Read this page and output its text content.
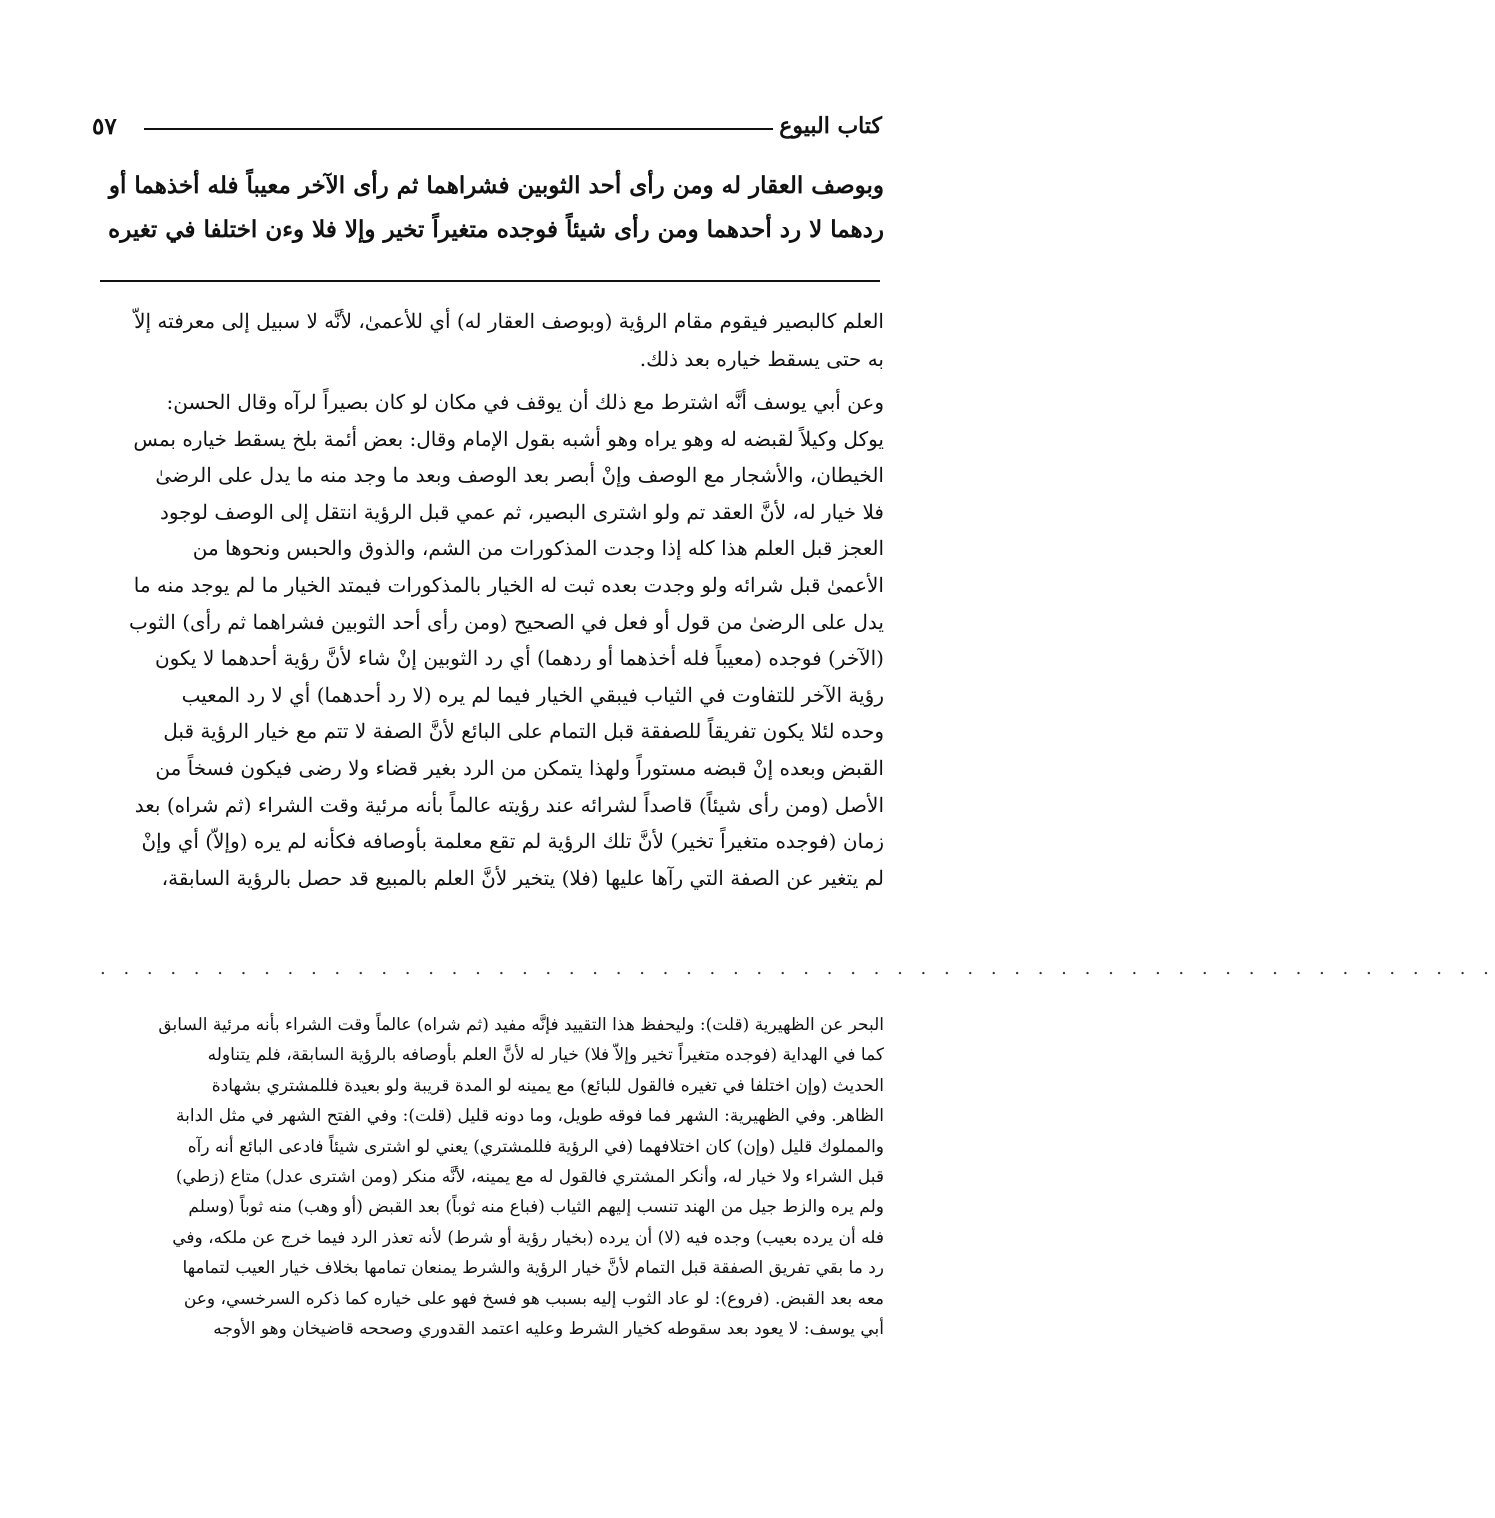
٥٧	كتاب البيوع
وبوصف العقار له ومن رأى أحد الثوبين فشراهما ثم رأى الآخر معيباً فله أخذهما أو
ردهما لا رد أحدهما ومن رأى شيئاً فوجده متغيراً تخير وإلا فلا وءن اختلفا في تغيره
العلم كالبصير فيقوم مقام الرؤية (وبوصف العقار له) أي للأعمىٰ، لأنَّه لا سبيل إلى معرفته إلاّ
به حتى يسقط خياره بعد ذلك.
وعن أبي يوسف أنَّه اشترط مع ذلك أن يوقف في مكان لو كان بصيراً لرآه وقال الحسن:
يوكل وكيلاً لقبضه له وهو يراه وهو أشبه بقول الإمام وقال: بعض أئمة بلخ يسقط خياره بمس
الخيطان، والأشجار مع الوصف وإنْ أبصر بعد الوصف وبعد ما وجد منه ما يدل على الرضىٰ
فلا خيار له، لأنَّ العقد تم ولو اشترى البصير، ثم عمي قبل الرؤية انتقل إلى الوصف لوجود
العجز قبل العلم هذا كله إذا وجدت المذكورات من الشم، والذوق والحبس ونحوها من
الأعمىٰ قبل شرائه ولو وجدت بعده ثبت له الخيار بالمذكورات فيمتد الخيار ما لم يوجد منه ما
يدل على الرضىٰ من قول أو فعل في الصحيح (ومن رأى أحد الثوبين فشراهما ثم رأى) الثوب
(الآخر) فوجده (معيباً فله أخذهما أو ردهما) أي رد الثوبين إنْ شاء لأنَّ رؤية أحدهما لا يكون
رؤية الآخر للتفاوت في الثياب فيبقي الخيار فيما لم يره (لا رد أحدهما) أي لا رد المعيب
وحده لئلا يكون تفريقاً للصفقة قبل التمام على البائع لأنَّ الصفة لا تتم مع خيار الرؤية قبل
القبض وبعده إنْ قبضه مستوراً ولهذا يتمكن من الرد بغير قضاء ولا رضى فيكون فسخاً من
الأصل (ومن رأى شيئاً) قاصداً لشرائه عند رؤيته عالماً بأنه مرئية وقت الشراء (ثم شراه) بعد
زمان (فوجده متغيراً تخير) لأنَّ تلك الرؤية لم تقع معلمة بأوصافه فكأنه لم يره (وإلاّ) أي وإنْ
لم يتغير عن الصفة التي رآها عليها (فلا) يتخير لأنَّ العلم بالمبيع قد حصل بالرؤية السابقة،
. . . . . . . . . . . . . . . . . . . . . . . . . . . . . . . . . . . . . . . . . . . . . . . . . . . . . . . . . . . .
البحر عن الظهيرية (قلت): وليحفظ هذا التقييد فإنَّه مفيد (ثم شراه) عالماً وقت الشراء بأنه مرئية السابق
كما في الهداية (فوجده متغيراً تخير وإلاّ فلا) خيار له لأنَّ العلم بأوصافه بالرؤية السابقة، فلم يتناوله
الحديث (وإن اختلفا في تغيره فالقول للبائع) مع يمينه لو المدة قريبة ولو بعيدة فللمشتري بشهادة
الظاهر. وفي الظهيرية: الشهر فما فوقه طويل، وما دونه قليل (قلت): وفي الفتح الشهر في مثل الدابة
والمملوك قليل (وإن) كان اختلافهما (في الرؤية فللمشتري) يعني لو اشترى شيئاً فادعى البائع أنه رآه
قبل الشراء ولا خيار له، وأنكر المشتري فالقول له مع يمينه، لأنَّه منكر (ومن اشترى عدل) متاع (زطي)
ولم يره والزط جيل من الهند تنسب إليهم الثياب (فباع منه ثوباً) بعد القبض (أو وهب) منه ثوباً (وسلم
فله أن يرده بعيب) وجده فيه (لا) أن يرده (بخيار رؤية أو شرط) لأنه تعذر الرد فيما خرج عن ملكه، وفي
رد ما بقي تفريق الصفقة قبل التمام لأنَّ خيار الرؤية والشرط يمنعان تمامها بخلاف خيار العيب لتمامها
معه بعد القبض. (فروع): لو عاد الثوب إليه بسبب هو فسخ فهو على خياره كما ذكره السرخسي، وعن
أبي يوسف: لا يعود بعد سقوطه كخيار الشرط وعليه اعتمد القدوري وصححه قاضيخان وهو الأوجه
